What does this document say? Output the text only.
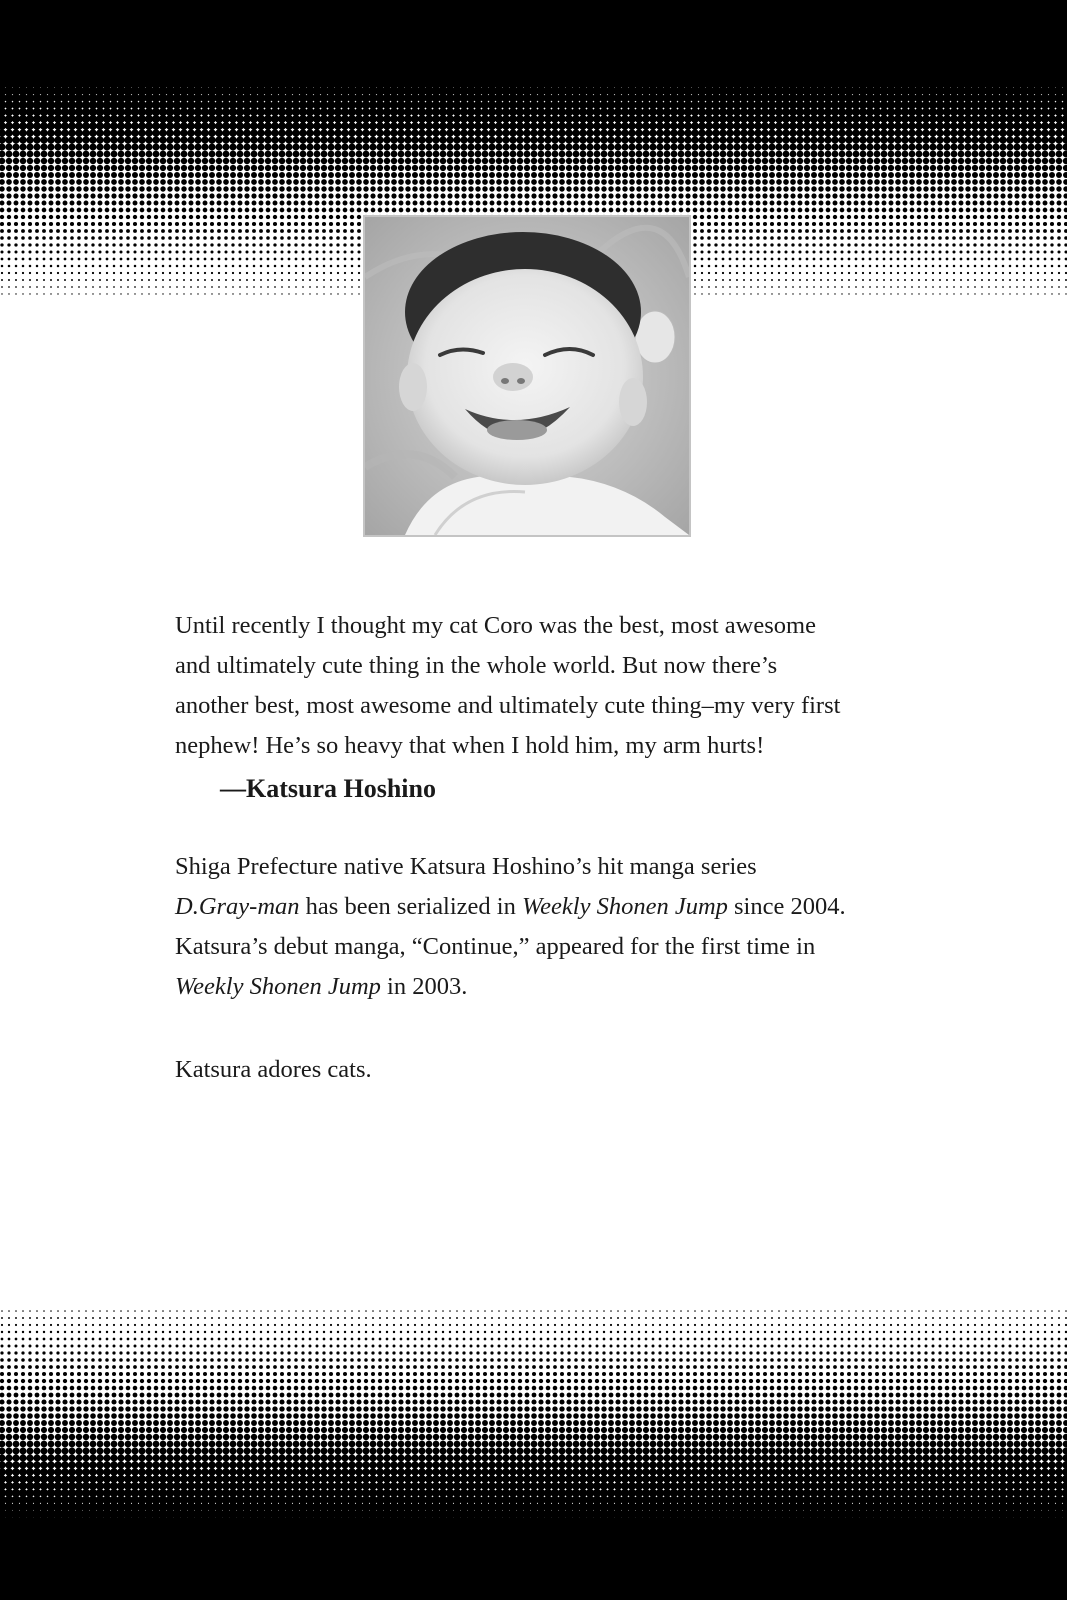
Until recently I thought my cat Coro was the best, most awesome
and ultimately cute thing in the whole world. But now there’s
another best, most awesome and ultimately cute thing–my very first
nephew! He’s so heavy that when I hold him, my arm hurts!

—Katsura Hoshino

Shiga Prefecture native Katsura Hoshino’s hit manga series
D.Gray-man has been serialized in Weekly Shonen Jump since 2004.
Katsura’s debut manga, “Continue,” appeared for the first time in
Weekly Shonen Jump in 2003.

Katsura adores cats.
